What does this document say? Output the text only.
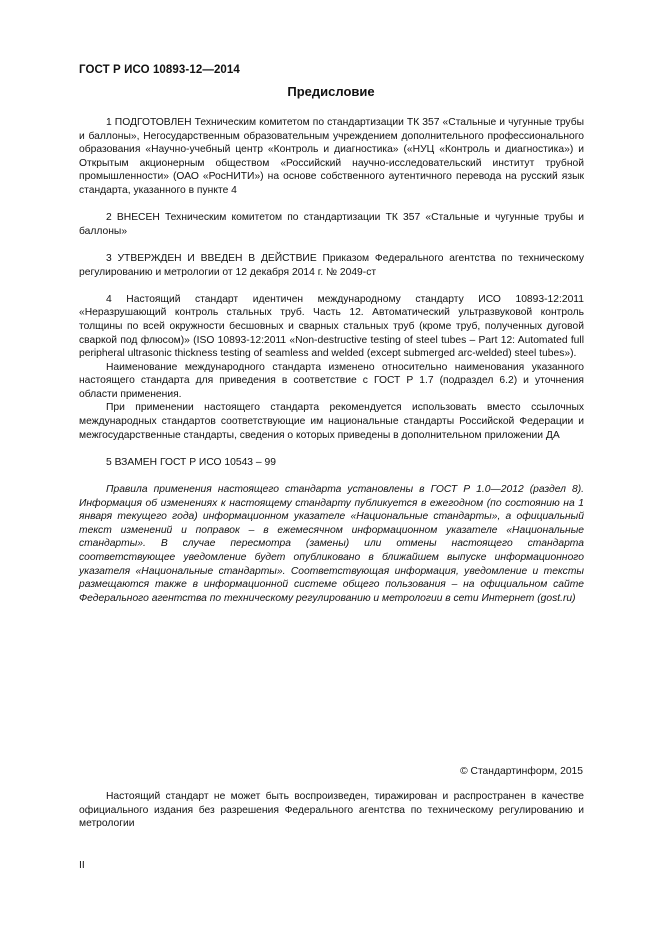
ГОСТ Р ИСО 10893-12—2014
Предисловие

1 ПОДГОТОВЛЕН Техническим комитетом по стандартизации ТК 357 «Стальные и чугунные трубы и баллоны», Негосударственным образовательным учреждением дополнительного профессионального образования «Научно-учебный центр «Контроль и диагностика» («НУЦ «Контроль и диагностика») и Открытым акционерным обществом «Российский научно-исследовательский институт трубной промышленности» (ОАО «РосНИТИ») на основе собственного аутентичного перевода на русский язык стандарта, указанного в пункте 4

2 ВНЕСЕН Техническим комитетом по стандартизации ТК 357 «Стальные и чугунные трубы и баллоны»

3 УТВЕРЖДЕН И ВВЕДЕН В ДЕЙСТВИЕ Приказом Федерального агентства по техническому регулированию и метрологии от 12 декабря 2014 г. № 2049-ст

4 Настоящий стандарт идентичен международному стандарту ИСО 10893-12:2011 «Неразрушающий контроль стальных труб. Часть 12. Автоматический ультразвуковой контроль толщины по всей окружности бесшовных и сварных стальных труб (кроме труб, полученных дуговой сваркой под флюсом)» (ISO 10893-12:2011 «Non-destructive testing of steel tubes – Part 12: Automated full peripheral ultrasonic thickness testing of seamless and welded (except submerged arc-welded) steel tubes»).

Наименование международного стандарта изменено относительно наименования указанного настоящего стандарта для приведения в соответствие с ГОСТ Р 1.7 (подраздел 6.2) и уточнения области применения.

При применении настоящего стандарта рекомендуется использовать вместо ссылочных международных стандартов соответствующие им национальные стандарты Российской Федерации и межгосударственные стандарты, сведения о которых приведены в дополнительном приложении ДА

5 ВЗАМЕН ГОСТ Р ИСО 10543 – 99

Правила применения настоящего стандарта установлены в ГОСТ Р 1.0—2012 (раздел 8). Информация об изменениях к настоящему стандарту публикуется в ежегодном (по состоянию на 1 января текущего года) информационном указателе «Национальные стандарты», а официальный текст изменений и поправок – в ежемесячном информационном указателе «Национальные стандарты». В случае пересмотра (замены) или отмены настоящего стандарта соответствующее уведомление будет опубликовано в ближайшем выпуске информационного указателя «Национальные стандарты». Соответствующая информация, уведомление и тексты размещаются также в информационной системе общего пользования – на официальном сайте Федерального агентства по техническому регулированию и метрологии в сети Интернет (gost.ru)

© Стандартинформ, 2015

Настоящий стандарт не может быть воспроизведен, тиражирован и распространен в качестве официального издания без разрешения Федерального агентства по техническому регулированию и метрологии

II
